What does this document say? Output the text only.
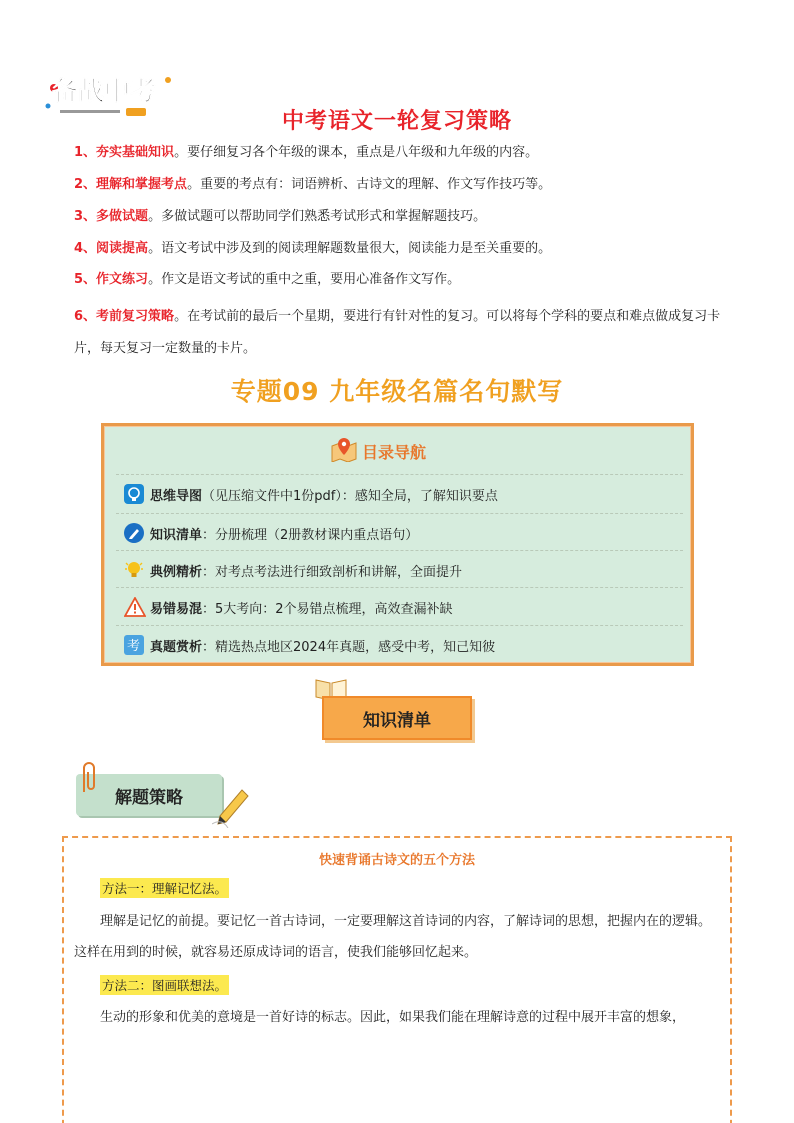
备战中考
中考语文一轮复习策略
1、夯实基础知识。要仔细复习各个年级的课本，重点是八年级和九年级的内容。
2、理解和掌握考点。重要的考点有：词语辨析、古诗文的理解、作文写作技巧等。
3、多做试题。多做试题可以帮助同学们熟悉考试形式和掌握解题技巧。
4、阅读提高。语文考试中涉及到的阅读理解题数量很大，阅读能力是至关重要的。
5、作文练习。作文是语文考试的重中之重，要用心准备作文写作。
6、考前复习策略。在考试前的最后一个星期，要进行有针对性的复习。可以将每个学科的要点和难点做成复习卡片，每天复习一定数量的卡片。
专题09 九年级名篇名句默写
目录导航
思维导图（见压缩文件中1份pdf）：感知全局，了解知识要点
知识清单：分册梳理（2册教材课内重点语句）
典例精析：对考点考法进行细致剖析和讲解，全面提升
易错易混：5大考向：2个易错点梳理，高效查漏补缺
考 真题赏析：精选热点地区2024年真题，感受中考，知己知彼
知识清单
解题策略
快速背诵古诗文的五个方法
方法一：理解记忆法。
理解是记忆的前提。要记忆一首古诗词，一定要理解这首诗词的内容，了解诗词的思想，把握内在的逻辑。这样在用到的时候，就容易还原成诗词的语言，使我们能够回忆起来。
方法二：图画联想法。
生动的形象和优美的意境是一首好诗的标志。因此，如果我们能在理解诗意的过程中展开丰富的想象，
